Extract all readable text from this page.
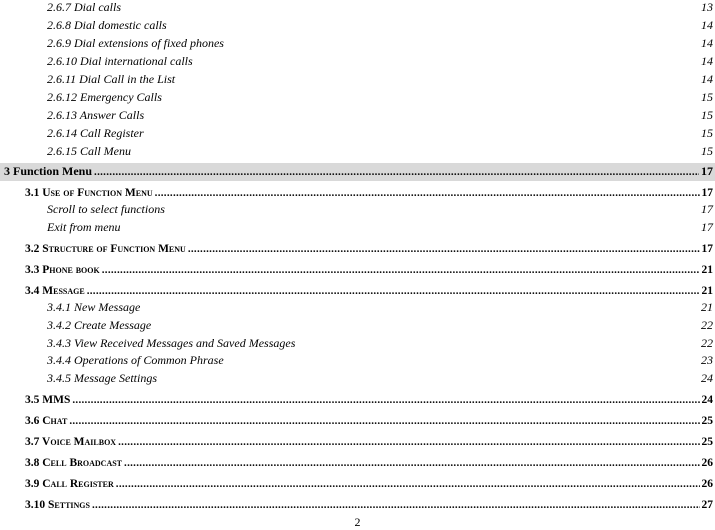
2.6.7 Dial calls	13
2.6.8 Dial domestic calls	14
2.6.9 Dial extensions of fixed phones	14
2.6.10 Dial international calls	14
2.6.11 Dial Call in the List	14
2.6.12 Emergency Calls	15
2.6.13 Answer Calls	15
2.6.14 Call Register	15
2.6.15 Call Menu	15
3 Function Menu .....	17
3.1 Use of Function Menu .....	17
Scroll to select functions	17
Exit from menu	17
3.2 Structure of Function Menu .....	17
3.3 Phone book .....	21
3.4 Message .....	21
3.4.1 New Message	21
3.4.2 Create Message	22
3.4.3 View Received Messages and Saved Messages	22
3.4.4 Operations of Common Phrase	23
3.4.5 Message Settings	24
3.5 MMS .....	24
3.6 Chat .....	25
3.7 Voice Mailbox .....	25
3.8 Cell Broadcast .....	26
3.9 Call Register .....	26
3.10 Settings .....	27
2
